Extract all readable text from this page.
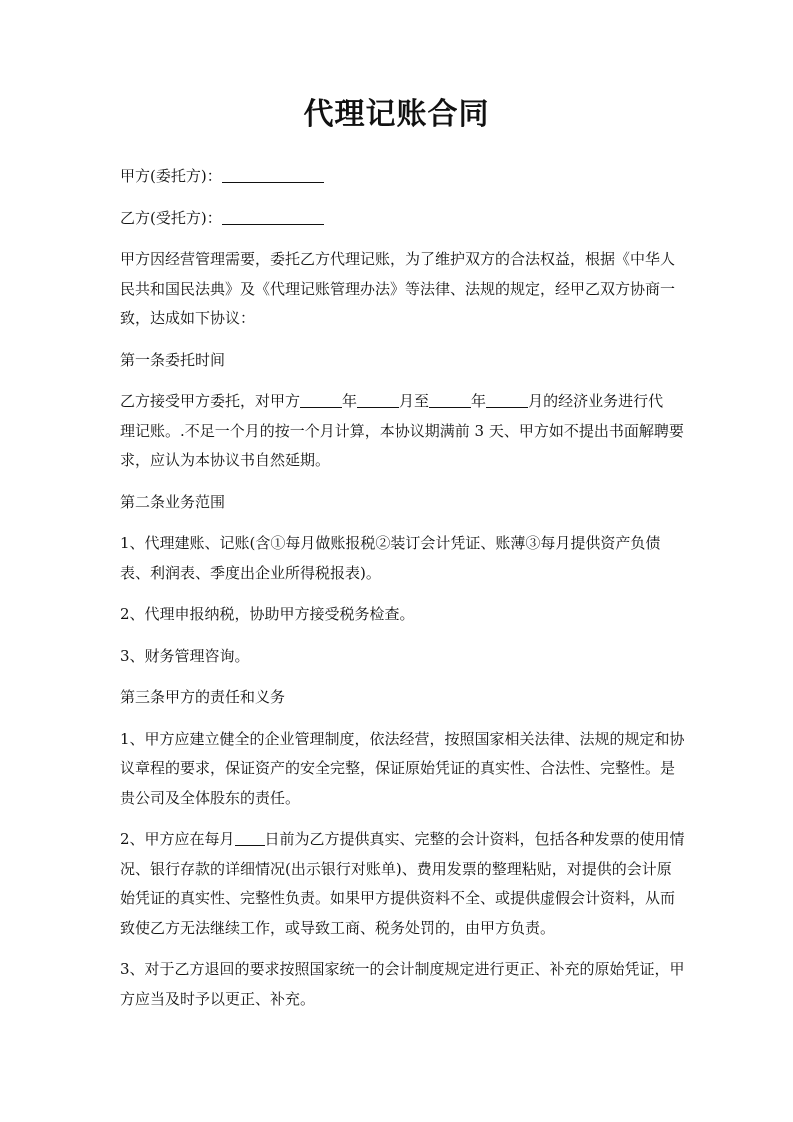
代理记账合同
甲方(委托方)：
乙方(受托方)：
甲方因经营管理需要，委托乙方代理记账，为了维护双方的合法权益，根据《中华人
民共和国民法典》及《代理记账管理办法》等法律、法规的规定，经甲乙双方协商一
致，达成如下协议：
第一条委托时间
乙方接受甲方委托，对甲方	年	月至	年	月的经济业务进行代
理记账。.不足一个月的按一个月计算，本协议期满前 3 天、甲方如不提出书面解聘要
求，应认为本协议书自然延期。
第二条业务范围
1、代理建账、记账(含①每月做账报税②装订会计凭证、账薄③每月提供资产负债
表、利润表、季度出企业所得税报表)。
2、代理申报纳税，协助甲方接受税务检查。
3、财务管理咨询。
第三条甲方的责任和义务
1、甲方应建立健全的企业管理制度，依法经营，按照国家相关法律、法规的规定和协
议章程的要求，保证资产的安全完整，保证原始凭证的真实性、合法性、完整性。是
贵公司及全体股东的责任。
2、甲方应在每月 日前为乙方提供真实、完整的会计资料，包括各种发票的使用情
况、银行存款的详细情况(出示银行对账单)、费用发票的整理粘贴，对提供的会计原
始凭证的真实性、完整性负责。如果甲方提供资料不全、或提供虚假会计资料，从而
致使乙方无法继续工作，或导致工商、税务处罚的，由甲方负责。
3、对于乙方退回的要求按照国家统一的会计制度规定进行更正、补充的原始凭证，甲
方应当及时予以更正、补充。
